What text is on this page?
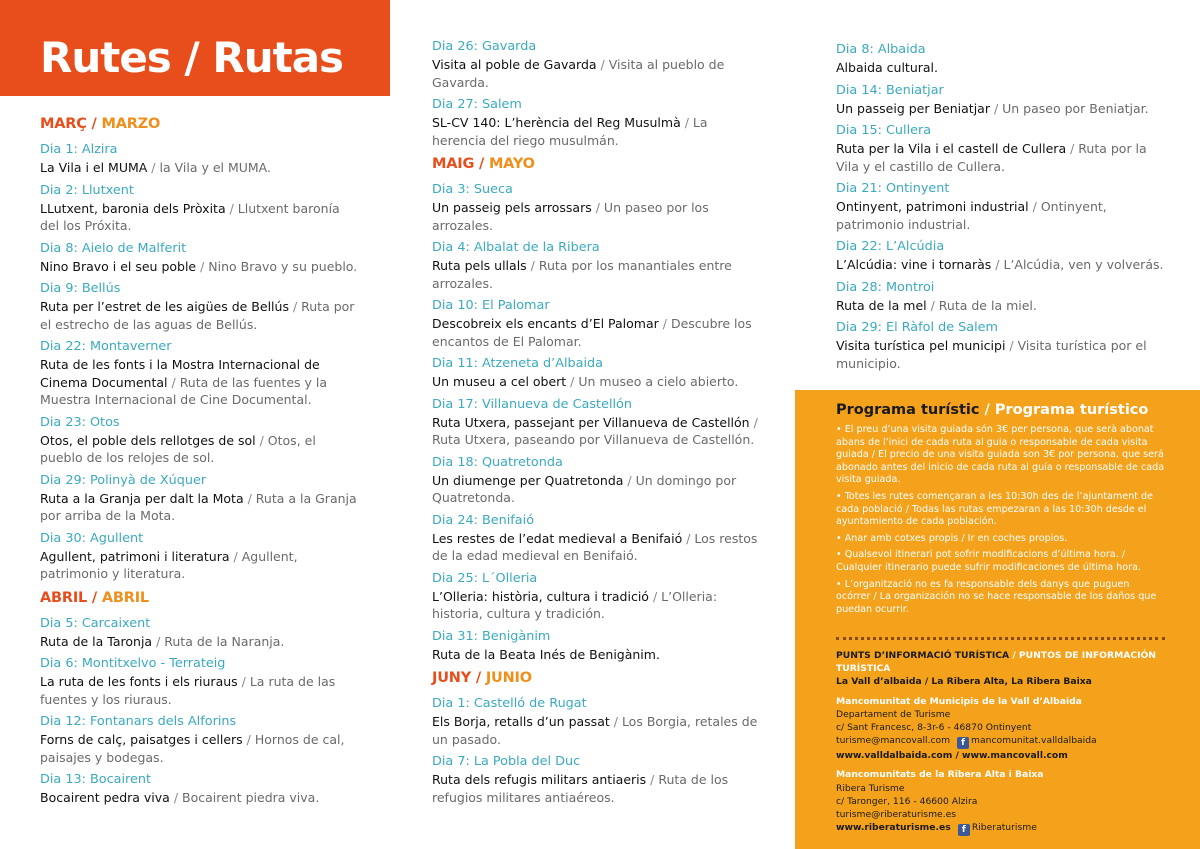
Rutes / Rutas
MARÇ / MARZO
Dia 1: Alzira
La Vila i el MUMA / la Vila y el MUMA.
Dia 2: Llutxent
LLutxent, baronia dels Pròxita / Llutxent baronía del los Próxita.
Dia 8: Aielo de Malferit
Nino Bravo i el seu poble / Nino Bravo y su pueblo.
Dia 9: Bellús
Ruta per l’estret de les aigües de Bellús / Ruta por el estrecho de las aguas de Bellús.
Dia 22: Montaverner
Ruta de les fonts i la Mostra Internacional de Cinema Documental / Ruta de las fuentes y la Muestra Internacional de Cine Documental.
Dia 23: Otos
Otos, el poble dels rellotges de sol / Otos, el pueblo de los relojes de sol.
Dia 29: Polinyà de Xúquer
Ruta a la Granja per dalt la Mota / Ruta a la Granja por arriba de la Mota.
Dia 30: Agullent
Agullent, patrimoni i literatura / Agullent, patrimonio y literatura.
ABRIL / ABRIL
Dia 5: Carcaixent
Ruta de la Taronja / Ruta de la Naranja.
Dia 6: Montitxelvo - Terrateig
La ruta de les fonts i els riuraus / La ruta de las fuentes y los riuraus.
Dia 12: Fontanars dels Alforins
Forns de calç, paisatges i cellers / Hornos de cal, paisajes y bodegas.
Dia 13: Bocairent
Bocairent pedra viva / Bocairent piedra viva.
Dia 26: Gavarda
Visita al poble de Gavarda / Visita al pueblo de Gavarda.
Dia 27: Salem
SL-CV 140: L’herència del Reg Musulmà / La herencia del riego musulmán.
MAIG / MAYO
Dia 3: Sueca
Un passeig pels arrossars / Un paseo por los arrozales.
Dia 4: Albalat de la Ribera
Ruta pels ullals / Ruta por los manantiales entre arrozales.
Dia 10: El Palomar
Descobreix els encants d’El Palomar / Descubre los encantos de El Palomar.
Dia 11: Atzeneta d’Albaida
Un museu a cel obert / Un museo a cielo abierto.
Dia 17: Villanueva de Castellón
Ruta Utxera, passejant per Villanueva de Castellón / Ruta Utxera, paseando por Villanueva de Castellón.
Dia 18: Quatretonda
Un diumenge per Quatretonda / Un domingo por Quatretonda.
Dia 24: Benifaió
Les restes de l’edat medieval a Benifaió / Los restos de la edad medieval en Benifaió.
Dia 25: L´Olleria
L’Olleria: història, cultura i tradició / L’Olleria: historia, cultura y tradición.
Dia 31: Benigànim
Ruta de la Beata Inés de Benigànim.
JUNY / JUNIO
Dia 1: Castelló de Rugat
Els Borja, retalls d’un passat / Los Borgia, retales de un pasado.
Dia 7: La Pobla del Duc
Ruta dels refugis militars antiaeris / Ruta de los refugios militares antiaéreos.
Dia 8: Albaida
Albaida cultural.
Dia 14: Beniatjar
Un passeig per Beniatjar / Un paseo por Beniatjar.
Dia 15: Cullera
Ruta per la Vila i el castell de Cullera / Ruta por la Vila y el castillo de Cullera.
Dia 21: Ontinyent
Ontinyent, patrimoni industrial / Ontinyent, patrimonio industrial.
Dia 22: L’Alcúdia
L’Alcúdia: vine i tornaràs / L’Alcúdia, ven y volverás.
Dia 28: Montroi
Ruta de la mel / Ruta de la miel.
Dia 29: El Ràfol de Salem
Visita turística pel municipi / Visita turística por el municipio.
Programa turístic / Programa turístico
• El preu d’una visita guiada són 3€ per persona, que serà abonat abans de l’inici de cada ruta al guia o responsable de cada visita guiada / El precio de una visita guiada son 3€ por persona, que será abonado antes del inicio de cada ruta al guía o responsable de cada visita guiada.
• Totes les rutes començaran a les 10:30h des de l’ajuntament de cada població / Todas las rutas empezaran a las 10:30h desde el ayuntamiento de cada población.
• Anar amb cotxes propis / Ir en coches propios.
• Qualsevol itinerari pot sofrir modificacions d’última hora. / Cualquier itinerario puede sufrir modificaciones de última hora.
• L’organització no es fa responsable dels danys que puguen ocórrer / La organización no se hace responsable de los daños que puedan ocurrir.
PUNTS D’INFORMACIÓ TURÍSTICA / PUNTOS DE INFORMACIÓN TURÍSTICA
La Vall d’albaida / La Ribera Alta, La Ribera Baixa
Mancomunitat de Municipis de la Vall d’Albaida
Departament de Turisme
c/ Sant Francesc, 8-3r-6 - 46870 Ontinyent
turisme@mancovall.com f mancomunitat.valldalbaida
www.valldalbaida.com / www.mancovall.com
Mancomunitats de la Ribera Alta i Baixa
Ribera Turisme
c/ Taronger, 116 - 46600 Alzira
turisme@riberaturisme.es
www.riberaturisme.es f Riberaturisme
